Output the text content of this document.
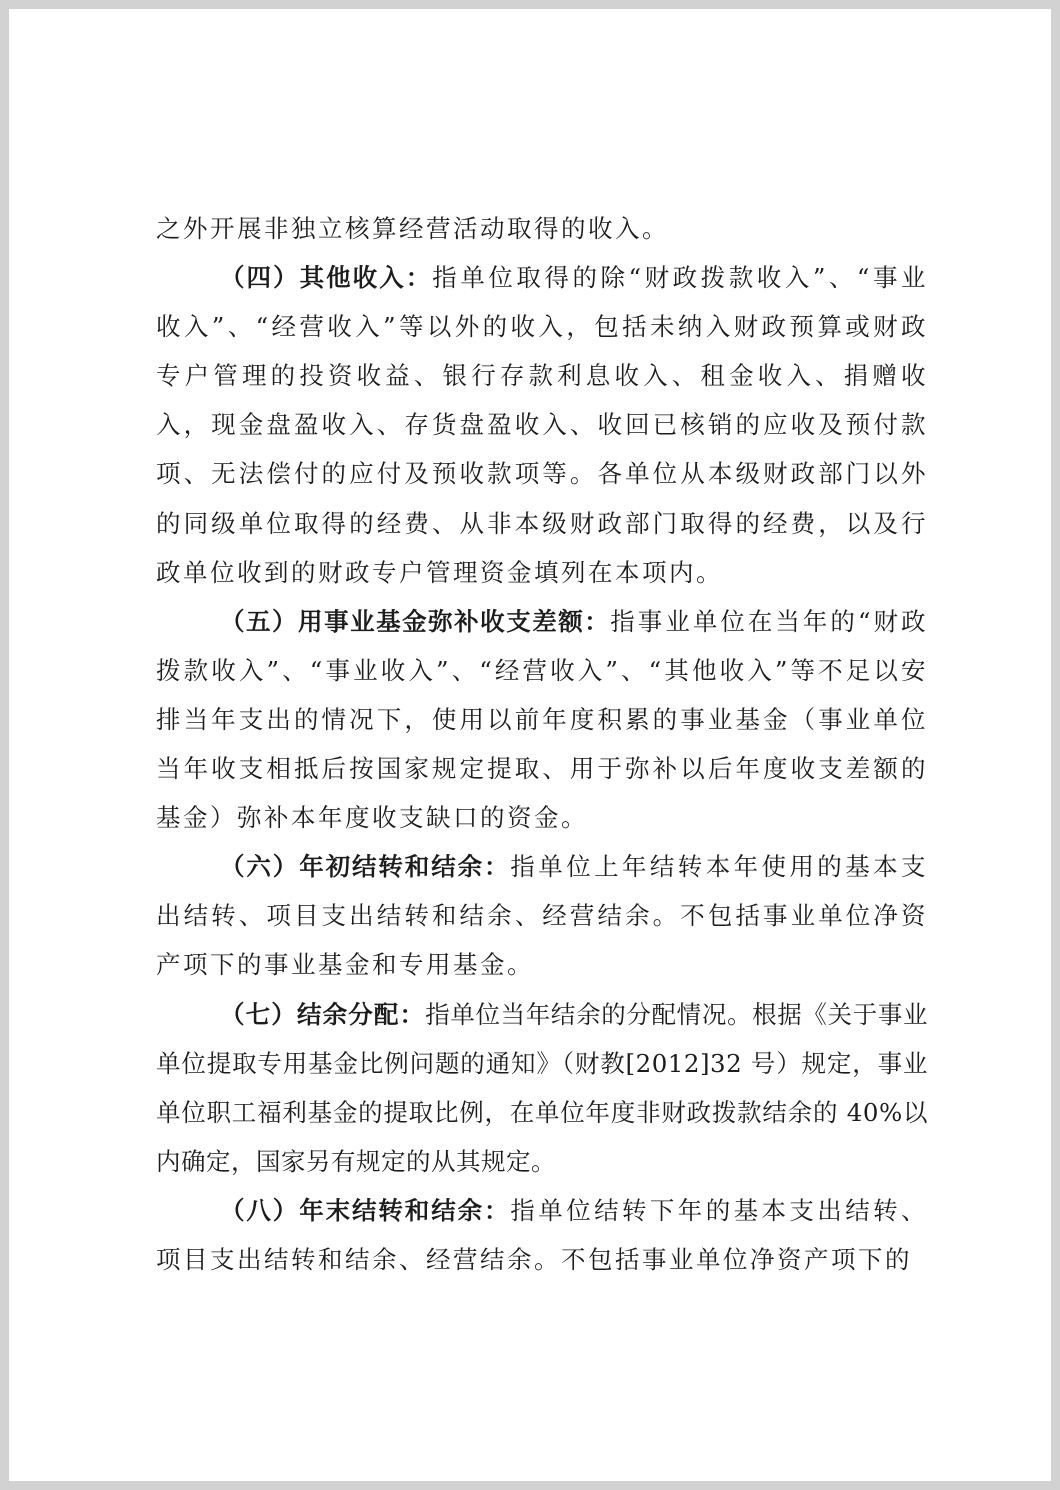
之外开展非独立核算经营活动取得的收入。

（四）其他收入：指单位取得的除“财政拨款收入”、“事业收入”、“经营收入”等以外的收入，包括未纳入财政预算或财政专户管理的投资收益、银行存款利息收入、租金收入、捐赠收入，现金盘盈收入、存货盘盈收入、收回已核销的应收及预付款项、无法偿付的应付及预收款项等。各单位从本级财政部门以外的同级单位取得的经费、从非本级财政部门取得的经费，以及行政单位收到的财政专户管理资金填列在本项内。

（五）用事业基金弥补收支差额：指事业单位在当年的“财政拨款收入”、“事业收入”、“经营收入”、“其他收入”等不足以安排当年支出的情况下，使用以前年度积累的事业基金（事业单位当年收支相抵后按国家规定提取、用于弥补以后年度收支差额的基金）弥补本年度收支缺口的资金。

（六）年初结转和结余：指单位上年结转本年使用的基本支出结转、项目支出结转和结余、经营结余。不包括事业单位净资产项下的事业基金和专用基金。

（七）结余分配：指单位当年结余的分配情况。根据《关于事业单位提取专用基金比例问题的通知》（财教[2012]32 号）规定，事业单位职工福利基金的提取比例，在单位年度非财政拨款结余的 40%以内确定，国家另有规定的从其规定。

（八）年末结转和结余：指单位结转下年的基本支出结转、项目支出结转和结余、经营结余。不包括事业单位净资产项下的
